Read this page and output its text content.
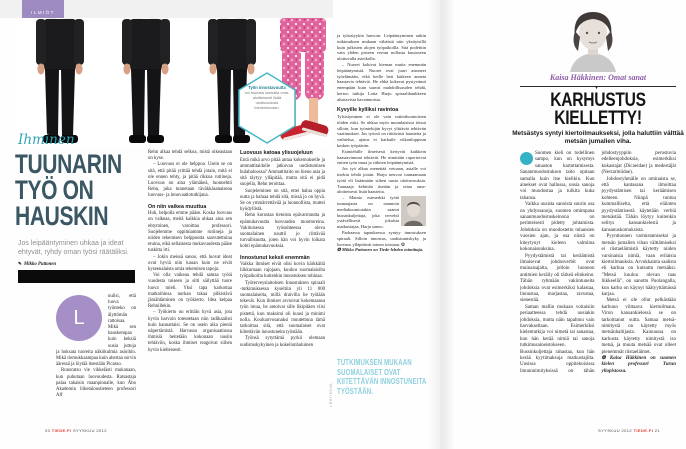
ILMIÖT
Työn innostavuutta
voi tuunata luomalla oma-aloitteisesti lisää ulottuvuuksia toimenkuvaan.
Ihminen
TUUNARIN
TYÖ ON
HAUSKIN
Jos leipääntyminen uhkaa ja ideat ehtyvät, ryhdy oman työsi räätäliksi.
✎ Mikko Puttonen
L

uulisi, että luova työnteko on älyttömän rattoisaa. Mikä sen hauskempaa kuin keksiä uusia juttuja ja hoksata tuoreita näkökulmia asioihin. Mikä riemukkaampaa kuin ahertaa sorvin ääressä ja löytää itsestään Picasso.

Runoratsu vie vikkelästi mukanaan, kun puhutaan luovuudesta. Ratsastaja palaa takaisin maanpinnalle, kun Åbo Akademin liiketaloustieteen professori Alf

Rehn alkaa tehdä selkoa, mistä oikeastaan on kyse.

– Luovuus ei ole helppoa. Usein se on sitä, että pitää yrittää tehdä jotain, mitä ei ole ennen tehty, ja pitää rikkoa rutiineja. Luovuus on aina ylämäkeä, luonnehtii Rehn, joka tunnetaan räväkkäsanaisena luovuus- ja innovaatiotutkijana.

On niin vaikea muuttua

Huh, helpolla emme pääse. Koska luovuus on vaikeaa, meitä kaikkia uhkaa aina sen ehtyminen, varoittaa professori. Suojelemme oppimiamme rutiineja ja niiden tekemisen helppoutta saavutettuina etuina, eikä sellaisesta mukavuudesta pääse tuskitta irti.

– Jokin meissä sanoo, että luovat ideat ovat hyviä niin kauan kuin ne eivät kyseenalaista omia tekemisen tapoja.

Voi olla vaikeaa tehdä samaa työtä vuodesta toiseen ja silti säilyttää tuore luova mieli. Yksi tapa karkottaa matkoihinsa nurkan takaa pilkistävä jämähtäminen on työkierto. Idea kelpaa Rehnillekin.

– Työkierto on erittäin hyvä asia, jota hyvin harvoin toteutetaan niin radikaalisti kuin kannattaisi. Se on usein aika pientä näpertämistä. Harvassa organisaatiossa ihmisiä heitetään kokonaan uusiin tehtäviin, koska ihmiset reagoivat siihen hyvin kielteisesti.

Luovuus katoaa ylisuojeluun

Entä mikä arvo pitää antaa kokemukselle ja ammattitaidolle jatkuvan uudistumisen hulabaloossa? Ammattitaito on hieno asia ja sitä täytyy ylläpitää, mutta sitä ei pidä suojella, Rehn teroittaa.

Suojeleminen on sitä, ettei halua oppia uutta ja haluaa tehdä sitä, missä jo on hyvä. Se on ymmärrettävää ja luonnollista, muttei hyödyllistä.

Rehn korostaa tietoista epävarmuutta ja epämukavuutta luovuuden moottoreina. Vakituisessa työsuhteessa oleva suomalainen nauttii jo riittävää turvallisuutta, joten hän voi hyvin loikata kohti epämukavuuksia.

Innostunut keksii enemmän

Vaikka ihmiset eivät olisi kovin kärkkäitä liikkumaan rajojaan, kuuluu suomalaisilta työpaikoilta kuitenkin innostuksen tohinaa.

Työterveyslaitoksen Innostuksen spiraali -tutkimuksessa kyseltiin yli 11 000 suomalaiselta, millä draivilla he työtään tekevät. Kun ihmiset arvioivat kokemaansa työn imua, he antoivat sille likipitäen viisi pistettä, kun maksimi oli kuusi ja minimi nolla. Kouluarvosanaksi muutettuna tämä tarkoittaa sitä, että suomalaiset ovat kiitettävän innostuneita työstään.

Työnsä sytyttämä pyrkii olemaan uudistuskykyinen ja kokeilunhaluinen

LEHTIKUVA

ja tylsistyykin harvoin. Leipääntyminen onkin tutkimuksen mukaan vähäistä niin yksityisillä kuin julkisten alojen työpaikoilla. Sitä podettiin vain yhden pisteen verran nollasta kuutoseen ulottuvalla asteikolla.

– Nuoret kokivat hieman muita enemmän leipääntymistä. Nuoret ovat juuri astuneet työelämään, eikä heille heti kärkeen anneta haastavia tehtäviä. He ehkä kokevat pystyvänsä enempään kuin saavat mahdollisuuden tehdä, kertoo tutkija Lotta Harju spiraalihankkeen alustavista havainnoista.

Kyvyille kylliksi ravintoa

Tylsistyminen ei ole vain rutiiniluontoisten töiden riski. Se uhkaa myös muunlaisissa töissä silloin, kun työntekijän kyvyt ylittävät tehtävän vaatimukset. Jos työssä on riittävästi haasteita ja vaihtelua, ajatus ei karkaile viikonloppuun kesken työpäivän.

Esimiehille ilmeisesti kertyvät kaikkein haastavimmat tehtävät. He nimittäin raportoivat eniten työn imua ja vähiten leipääntymistä.

Jos työ alkaa menettää vetoaan, asialle voi itsekin tehdä jotain. Harju neuvoo tuunaamaan työtä eli lisäämään siihen uusia ulottuvuuksia. Tuunaaja kehittää itseään ja ottaa oma-aloitteisesti lisää haasteita.

– Mainio esimerkki työtä tuunaajasta on taannoin mediahuomiotakin saanut bussinkuljettaja, joka tervehti ystävällisesti jokaista matkustajaa, Harju sanoo.

Parhaassa tapauksessa syntyy innostuksen spiraali. Silloin innostus, uudistumiskyky ja luovuus ylläpitävät toinen toisiaan. ❂

❂ Mikko Puttonen on Tiede-lehden toimittaja.

TUTKIMUKSEN MUKAAN SUOMALAISET OVAT KIITETTÄVÄN INNOSTUNEITA TYÖSTÄÄN.
20 TIEDE.FI SYYSKUU 2012
Kaisa Häkkinen: Omat sanat
▼
KARHUSTUS
KIELLETTY!
Metsästys syntyi kiertoilmaukseksi, jolla haluttiin välttää metsän jumalien viha.

Suomen kieli on todellinen sampo, kun on kysymys sanaston kartuttamisesta. Sananmuodostuksen taito opitaan samalla kuin itse kielikin. Kun ainekset ovat hallussa, uusia sanoja voi muodostaa ja tulkita kuka tahansa.

Vaikka uusista sanoista suurin osa on yhdyssanoja, suomen omimpana sananmuodostuskeinona on perinteisesti pidetty johtamista. Johdoksia on muodostettu tuhansien vuosien ajan, ja osa niistä on kiteytynyt kieleen valmiina kokonaisuuksina.

Pyydystämistä tai keräämistä ilmaisevat johdosverbit ovat muinaisajalta, jolloin luonnon antimien keräily oli tärkeä elinkeino. Tähän ryhmään vakiintuneita johdoksia ovat esimerkiksi kalastaa, linnustaa, marjastaa, ravustaa, sienestää.

Saman mallin mukaan voitaisiin periaatteessa tehdä uusiakin johdoksia, mutta näin tapahtuu vain harvakseltaan. Esimerkiksi kielentutkija voi nimetä tai sanastaa, kun hän kerää nimiä tai sanoja tutkimusaineistokseen. Bussinkuljettaja rahastaa, kun hän kerää kyytimaksuja matkustajilta. Uusissa oppitekoisissa linnunnimityksissä on tähän johdostyyppiin perustuvia edelleenjohdoksia, esimerkiksi kukastajat (Dicaeidae) ja medestäjät (Nectariniidae).

Johdosryhmälle on ominaista se, että kantasana ilmoittaa pyydystämisen tai keräämisen kohteen. Niinpä tuntuu kummalliselta, että eläinten pyydystämisestä käytetään verbiä metsästää. Tähän löytyy kuitenkin selitys kansankielestä ja kansanuskomuksista.

Pyyntionnen varmistamiseksi ja metsän jumalien vihan välttämiseksi ei riistaeläimistä käytetty niiden varsinaisia nimiä, vaan erilaisia kiertoilmauksia. Arvokkainta saalista eli karhua on kutsuttu metsäksi. ”Metsä kuuluu olevan taas liikkeellä”, on sanottu Puolangalla, kun karhu on käynyt häätyyttämässä karjaa.

Metsä ei ole ollut pelkästään karhuun viittaava kiertoilmaus. Viron kansankielessä se on tarkoittanut sutta. Samaa metsä-nimitystä on käytetty myös metsänhaltijasta. Kainuussa on karhusta käytetty nimitystä iso metsä, ja muuta metsää ovat olleet pienemmät riistaeläimet.

❂ Kaisa Häkkinen on suomen kielen professori Turun yliopistossa.

SYYSKUU 2012 TIEDE.FI 21
